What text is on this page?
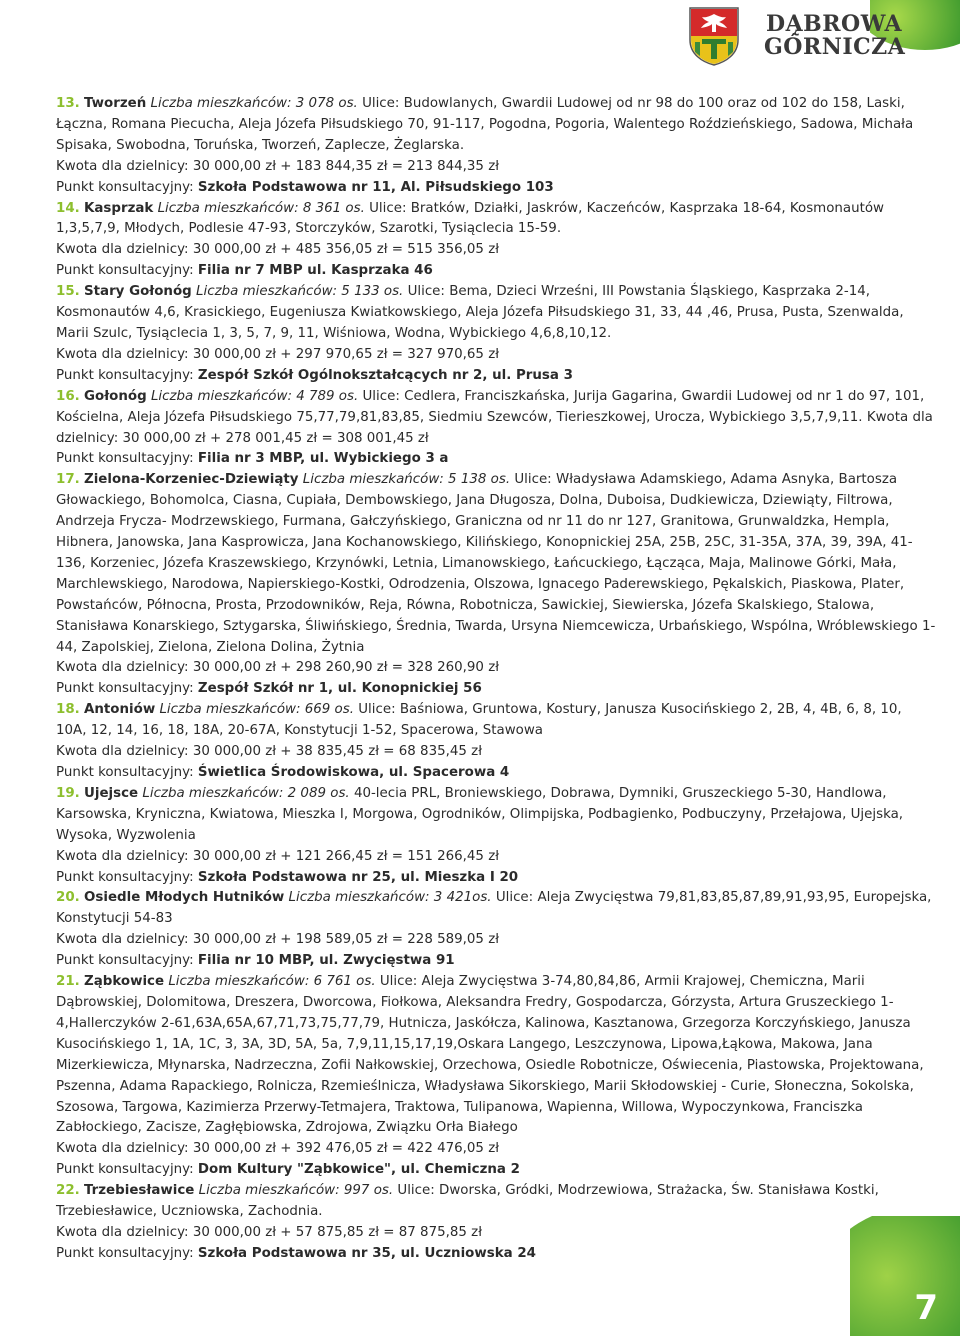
DĄBROWA
GÓRNICZA

13. Tworzeń Liczba mieszkańców: 3 078 os. Ulice: Budowlanych, Gwardii Ludowej od nr 98 do 100 oraz od 102 do 158, Laski, Łączna, Romana Piecucha, Aleja Józefa Piłsudskiego 70, 91-117, Pogodna, Pogoria, Walentego Roździeńskiego, Sadowa, Michała Spisaka, Swobodna, Toruńska, Tworzeń, Zaplecze, Żeglarska.

Kwota dla dzielnicy: 30 000,00 zł + 183 844,35 zł = 213 844,35 zł

Punkt konsultacyjny: Szkoła Podstawowa nr 11, Al. Piłsudskiego 103

14. Kasprzak Liczba mieszkańców: 8 361 os. Ulice: Bratków, Działki, Jaskrów, Kaczeńców, Kasprzaka 18-64, Kosmonautów 1,3,5,7,9, Młodych, Podlesie 47-93, Storczyków, Szarotki, Tysiąclecia 15-59.

Kwota dla dzielnicy: 30 000,00 zł + 485 356,05 zł = 515 356,05 zł

Punkt konsultacyjny: Filia nr 7 MBP ul. Kasprzaka 46

15. Stary Gołonóg Liczba mieszkańców: 5 133 os. Ulice: Bema, Dzieci Wrześni, III Powstania Śląskiego, Kasprzaka 2-14, Kosmonautów 4,6, Krasickiego, Eugeniusza Kwiatkowskiego, Aleja Józefa Piłsudskiego 31, 33, 44 ,46, Prusa, Pusta, Szenwalda, Marii Szulc, Tysiąclecia 1, 3, 5, 7, 9, 11, Wiśniowa, Wodna, Wybickiego 4,6,8,10,12.

Kwota dla dzielnicy: 30 000,00 zł + 297 970,65 zł = 327 970,65 zł

Punkt konsultacyjny: Zespół Szkół Ogólnokształcących nr 2, ul. Prusa 3

16. Gołonóg Liczba mieszkańców: 4 789 os. Ulice: Cedlera, Franciszkańska, Jurija Gagarina, Gwardii Ludowej od nr 1 do 97, 101, Kościelna, Aleja Józefa Piłsudskiego 75,77,79,81,83,85, Siedmiu Szewców, Tierieszkowej, Urocza, Wybickiego 3,5,7,9,11. Kwota dla dzielnicy: 30 000,00 zł + 278 001,45 zł = 308 001,45 zł

Punkt konsultacyjny: Filia nr 3 MBP, ul. Wybickiego 3 a

17. Zielona-Korzeniec-Dziewiąty Liczba mieszkańców: 5 138 os. Ulice: Władysława Adamskiego, Adama Asnyka, Bartosza Głowackiego, Bohomolca, Ciasna, Cupiała, Dembowskiego, Jana Długosza, Dolna, Duboisa, Dudkiewicza, Dziewiąty, Filtrowa, Andrzeja Frycza- Modrzewskiego, Furmana, Gałczyńskiego, Graniczna od nr 11 do nr 127, Granitowa, Grunwaldzka, Hempla, Hibnera, Janowska, Jana Kasprowicza, Jana Kochanowskiego, Kilińskiego, Konopnickiej 25A, 25B, 25C, 31-35A, 37A, 39, 39A, 41-136, Korzeniec, Józefa Kraszewskiego, Krzynówki, Letnia, Limanowskiego, Łańcuckiego, Łącząca, Maja, Malinowe Górki, Mała, Marchlewskiego, Narodowa, Napierskiego-Kostki, Odrodzenia, Olszowa, Ignacego Paderewskiego, Pękalskich, Piaskowa, Plater, Powstańców, Północna, Prosta, Przodowników, Reja, Równa, Robotnicza, Sawickiej, Siewierska, Józefa Skalskiego, Stalowa, Stanisława Konarskiego, Sztygarska, Śliwińskiego, Średnia, Twarda, Ursyna Niemcewicza, Urbańskiego, Wspólna, Wróblewskiego 1-44, Zapolskiej, Zielona, Zielona Dolina, Żytnia

Kwota dla dzielnicy: 30 000,00 zł + 298 260,90 zł = 328 260,90 zł

Punkt konsultacyjny: Zespół Szkół nr 1, ul. Konopnickiej 56

18. Antoniów Liczba mieszkańców: 669 os. Ulice: Baśniowa, Gruntowa, Kostury, Janusza Kusocińskiego 2, 2B, 4, 4B, 6, 8, 10, 10A, 12, 14, 16, 18, 18A, 20-67A, Konstytucji 1-52, Spacerowa, Stawowa

Kwota dla dzielnicy: 30 000,00 zł + 38 835,45 zł = 68 835,45 zł

Punkt konsultacyjny: Świetlica Środowiskowa, ul. Spacerowa 4

19. Ujejsce Liczba mieszkańców: 2 089 os. 40-lecia PRL, Broniewskiego, Dobrawa, Dymniki, Gruszeckiego 5-30, Handlowa, Karsowska, Kryniczna, Kwiatowa, Mieszka I, Morgowa, Ogrodników, Olimpijska, Podbagienko, Podbuczyny, Przełajowa, Ujejska, Wysoka, Wyzwolenia

Kwota dla dzielnicy: 30 000,00 zł + 121 266,45 zł = 151 266,45 zł

Punkt konsultacyjny: Szkoła Podstawowa nr 25, ul. Mieszka I 20

20. Osiedle Młodych Hutników Liczba mieszkańców: 3 421os. Ulice: Aleja Zwycięstwa 79,81,83,85,87,89,91,93,95, Europejska, Konstytucji 54-83

Kwota dla dzielnicy: 30 000,00 zł + 198 589,05 zł = 228 589,05 zł

Punkt konsultacyjny: Filia nr 10 MBP, ul. Zwycięstwa 91

21. Ząbkowice Liczba mieszkańców: 6 761 os. Ulice: Aleja Zwycięstwa 3-74,80,84,86, Armii Krajowej, Chemiczna, Marii Dąbrowskiej, Dolomitowa, Dreszera, Dworcowa, Fiołkowa, Aleksandra Fredry, Gospodarcza, Górzysta, Artura Gruszeckiego 1-4,Hallerczyków 2-61,63A,65A,67,71,73,75,77,79, Hutnicza, Jaskółcza, Kalinowa, Kasztanowa, Grzegorza Korczyńskiego, Janusza Kusocińskiego 1, 1A, 1C, 3, 3A, 3D, 5A, 5a, 7,9,11,15,17,19,Oskara Langego, Leszczynowa, Lipowa,Łąkowa, Makowa, Jana Mizerkiewicza, Młynarska, Nadrzeczna, Zofii Nałkowskiej, Orzechowa, Osiedle Robotnicze, Oświecenia, Piastowska, Projektowana, Pszenna, Adama Rapackiego, Rolnicza, Rzemieślnicza, Władysława Sikorskiego, Marii Skłodowskiej - Curie, Słoneczna, Sokolska, Szosowa, Targowa, Kazimierza Przerwy-Tetmajera, Traktowa, Tulipanowa, Wapienna, Willowa, Wypoczynkowa, Franciszka Zabłockiego, Zacisze, Zagłębiowska, Zdrojowa, Związku Orła Białego

Kwota dla dzielnicy: 30 000,00 zł + 392 476,05 zł = 422 476,05 zł

Punkt konsultacyjny: Dom Kultury "Ząbkowice", ul. Chemiczna 2

22. Trzebiesławice Liczba mieszkańców: 997 os. Ulice: Dworska, Gródki, Modrzewiowa, Strażacka, Św. Stanisława Kostki, Trzebiesławice, Uczniowska, Zachodnia.

Kwota dla dzielnicy: 30 000,00 zł + 57 875,85 zł = 87 875,85 zł

Punkt konsultacyjny: Szkoła Podstawowa nr 35, ul. Uczniowska 24

7
